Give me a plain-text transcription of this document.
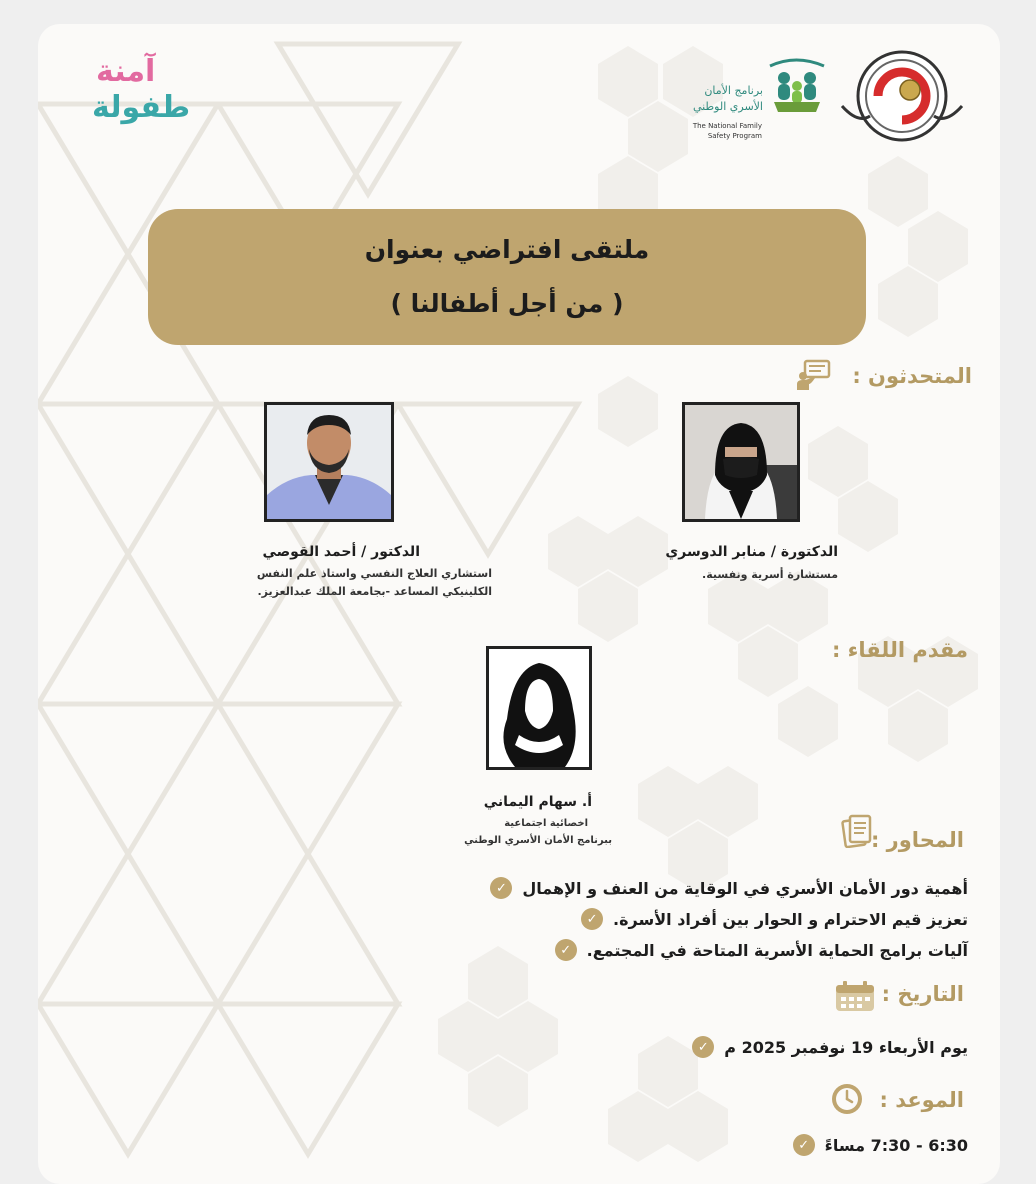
برنامج الأمان
الأسري الوطني
The National Family
Safety Program
آمنة
طفولة
ملتقى افتراضي بعنوان
( من أجل أطفالنا )
المتحدثون :
الدكتورة / منابر الدوسري
مستشارة أسرية ونفسية.
الدكتور / أحمد القوصي
استشاري العلاج النفسي واستاذ علم النفس
الكلينيكي المساعد -بجامعة الملك عبدالعزيز.
مقدم اللقاء :
أ. سهام اليماني
اخصائية اجتماعية
ببرنامج الأمان الأسري الوطني	المحاور :
✓ أهمية دور الأمان الأسري في الوقاية من العنف و الإهمال
✓ تعزيز قيم الاحترام و الحوار بين أفراد الأسرة.
✓ آليات برامج الحماية الأسرية المتاحة في المجتمع.
التاريخ :
✓ يوم الأربعاء 19 نوفمبر 2025 م
الموعد :
✓ 6:30 - 7:30 مساءً
